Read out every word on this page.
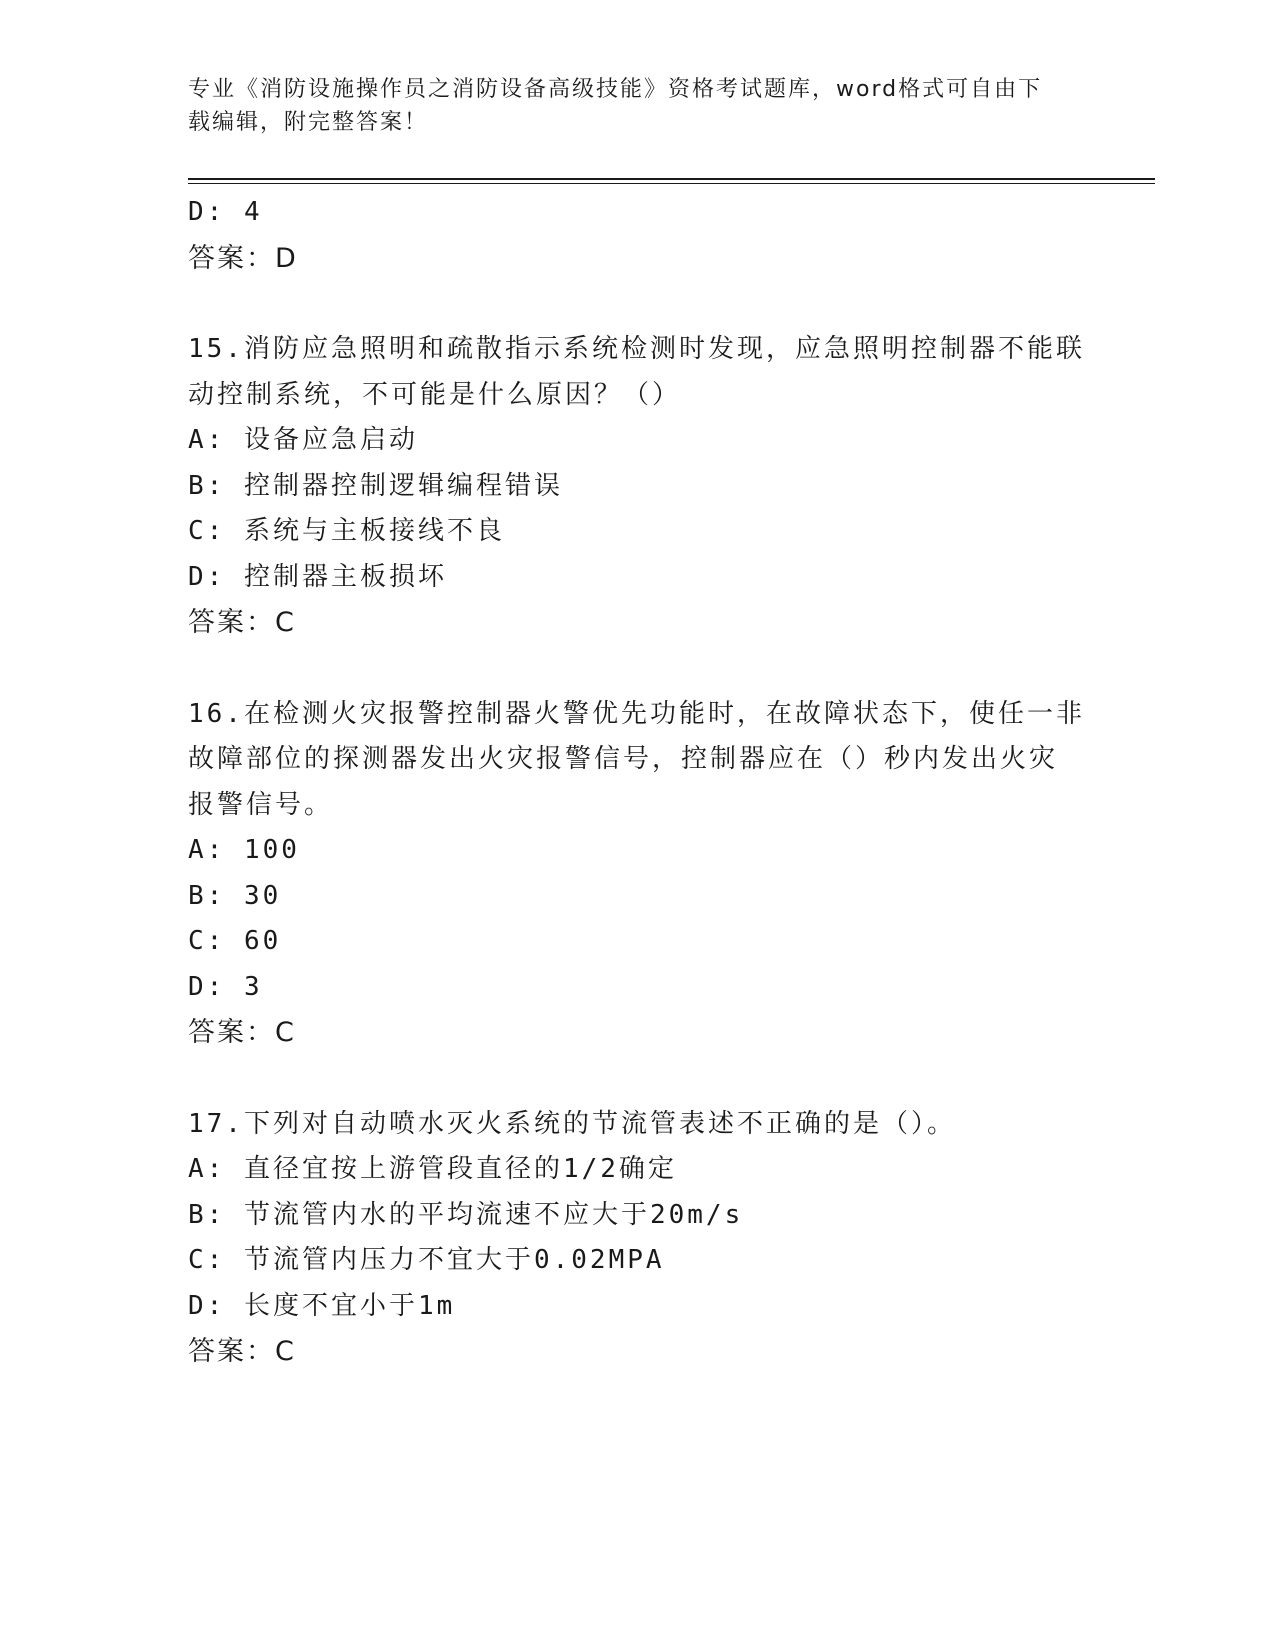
专业《消防设施操作员之消防设备高级技能》资格考试题库，word格式可自由下
载编辑，附完整答案！
D: 4
答案：D
15.消防应急照明和疏散指示系统检测时发现，应急照明控制器不能联
动控制系统，不可能是什么原因？（）
A: 设备应急启动
B: 控制器控制逻辑编程错误
C: 系统与主板接线不良
D: 控制器主板损坏
答案：C
16.在检测火灾报警控制器火警优先功能时，在故障状态下，使任一非
故障部位的探测器发出火灾报警信号，控制器应在（）秒内发出火灾
报警信号。
A: 100
B: 30
C: 60
D: 3
答案：C
17.下列对自动喷水灭火系统的节流管表述不正确的是（）。
A: 直径宜按上游管段直径的1/2确定
B: 节流管内水的平均流速不应大于20m/s
C: 节流管内压力不宜大于0.02MPA
D: 长度不宜小于1m
答案：C
